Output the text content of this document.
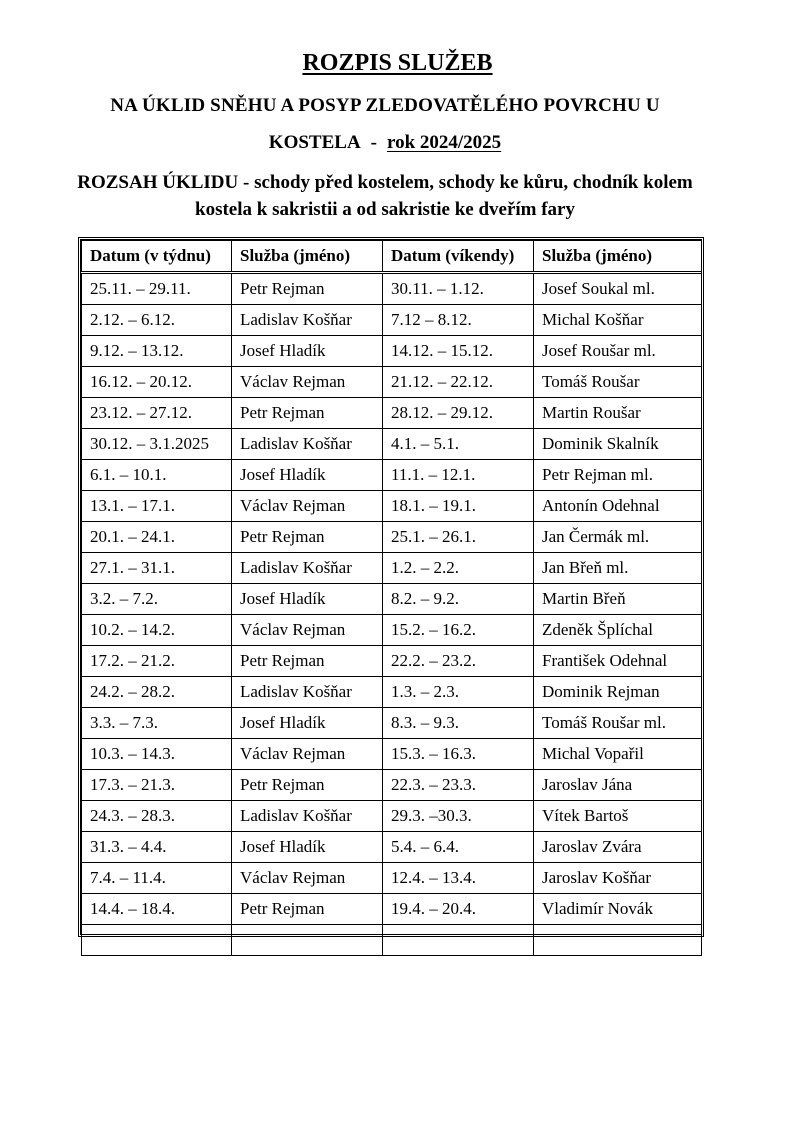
ROZPIS SLUŽEB
NA ÚKLID SNĚHU A POSYP ZLEDOVATĚLÉHO POVRCHU U
KOSTELA - rok 2024/2025
ROZSAH ÚKLIDU - schody před kostelem, schody ke kůru, chodník kolem
kostela k sakristii a od sakristie ke dveřím fary
Datum (v týdnu)	Služba (jméno)	Datum (víkendy)	Služba (jméno)
25.11. – 29.11.	Petr Rejman	30.11. – 1.12.	Josef Soukal ml.
2.12. – 6.12.	Ladislav Košňar	7.12 – 8.12.	Michal Košňar
9.12. – 13.12.	Josef Hladík	14.12. – 15.12.	Josef Roušar ml.
16.12. – 20.12.	Václav Rejman	21.12. – 22.12.	Tomáš Roušar
23.12. – 27.12.	Petr Rejman	28.12. – 29.12.	Martin Roušar
30.12. – 3.1.2025	Ladislav Košňar	4.1. – 5.1.	Dominik Skalník
6.1. – 10.1.	Josef Hladík	11.1. – 12.1.	Petr Rejman ml.
13.1. – 17.1.	Václav Rejman	18.1. – 19.1.	Antonín Odehnal
20.1. – 24.1.	Petr Rejman	25.1. – 26.1.	Jan Čermák ml.
27.1. – 31.1.	Ladislav Košňar	1.2. – 2.2.	Jan Břeň ml.
3.2. – 7.2.	Josef Hladík	8.2. – 9.2.	Martin Břeň
10.2. – 14.2.	Václav Rejman	15.2. – 16.2.	Zdeněk Šplíchal
17.2. – 21.2.	Petr Rejman	22.2. – 23.2.	František Odehnal
24.2. – 28.2.	Ladislav Košňar	1.3. – 2.3.	Dominik Rejman
3.3. – 7.3.	Josef Hladík	8.3. – 9.3.	Tomáš Roušar ml.
10.3. – 14.3.	Václav Rejman	15.3. – 16.3.	Michal Vopařil
17.3. – 21.3.	Petr Rejman	22.3. – 23.3.	Jaroslav Jána
24.3. – 28.3.	Ladislav Košňar	29.3. –30.3.	Vítek Bartoš
31.3. – 4.4.	Josef Hladík	5.4. – 6.4.	Jaroslav Zvára
7.4. – 11.4.	Václav Rejman	12.4. – 13.4.	Jaroslav Košňar
14.4. – 18.4.	Petr Rejman	19.4. – 20.4.	Vladimír Novák
